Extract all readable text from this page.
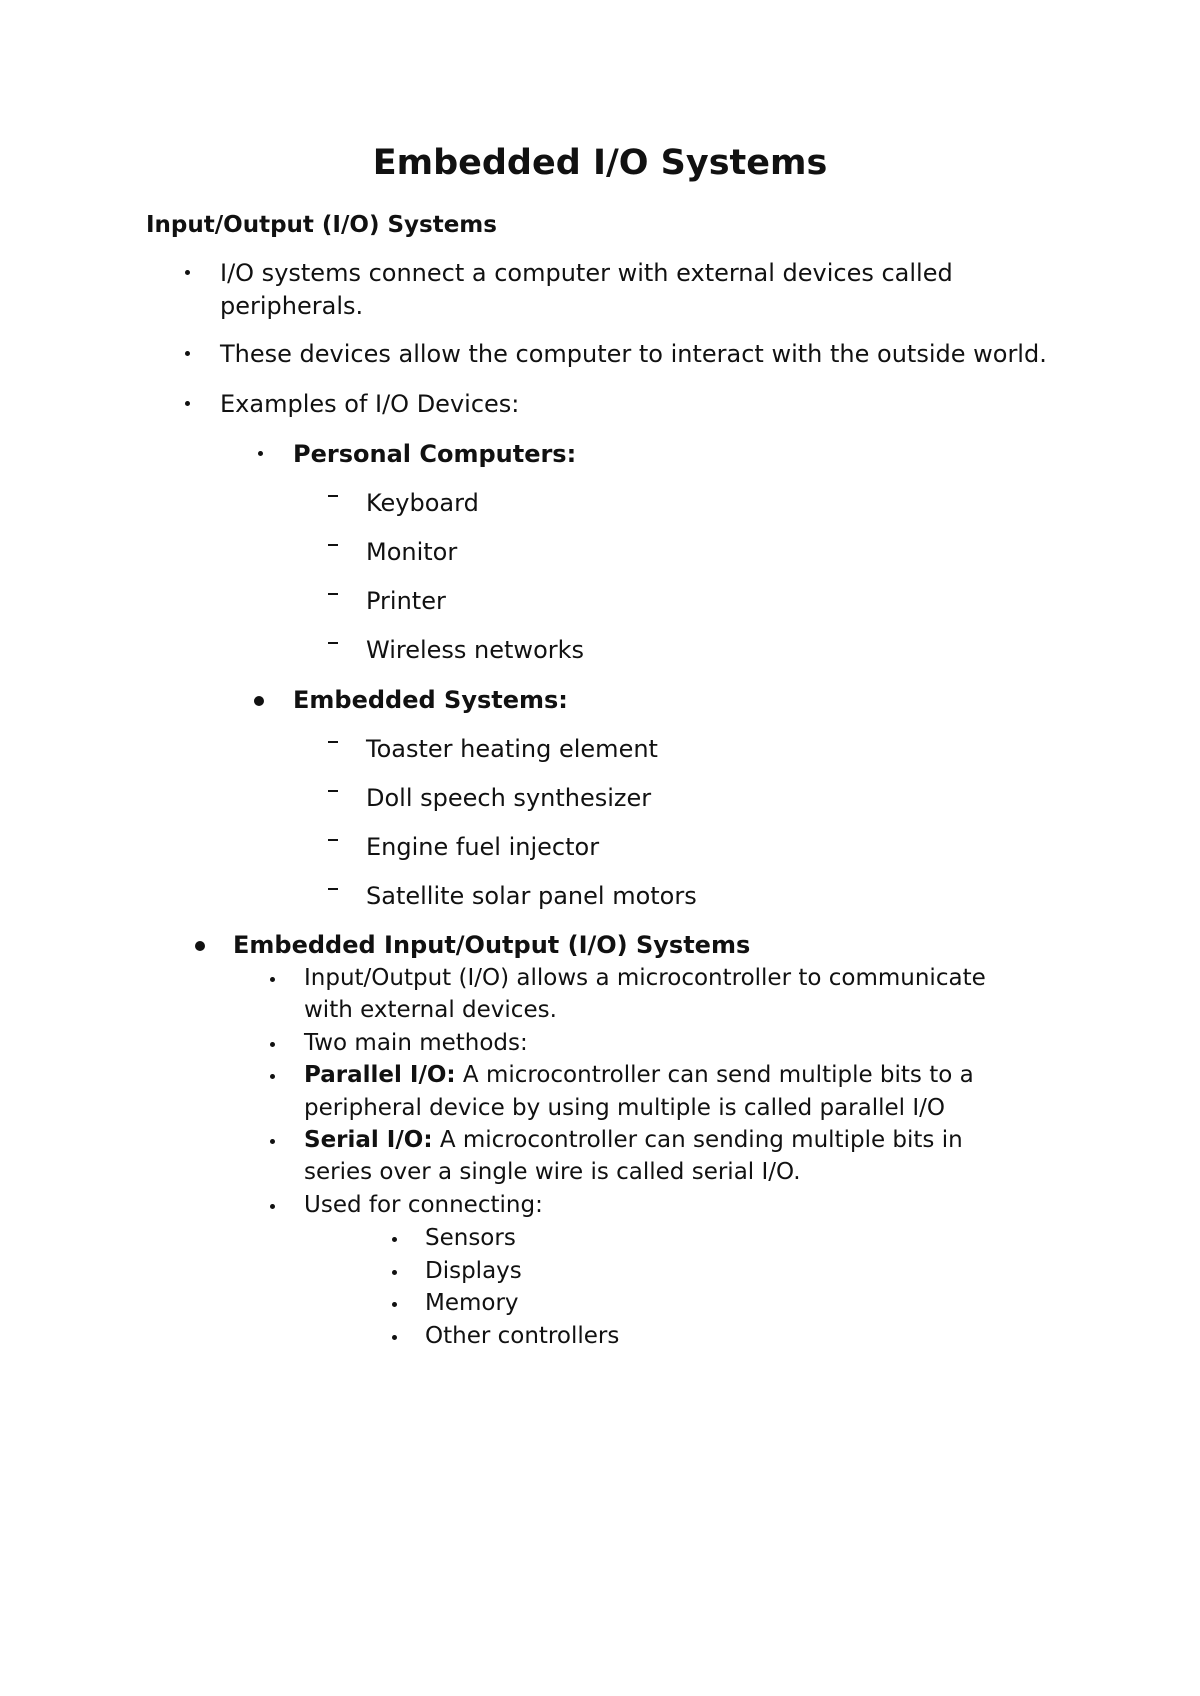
Embedded I/O Systems
Input/Output (I/O) Systems
I/O systems connect a computer with external devices called
peripherals.
These devices allow the computer to interact with the outside world.
Examples of I/O Devices:
Personal Computers:
Keyboard
Monitor
Printer
Wireless networks
Embedded Systems:
Toaster heating element
Doll speech synthesizer
Engine fuel injector
Satellite solar panel motors
Embedded Input/Output (I/O) Systems
Input/Output (I/O) allows a microcontroller to communicate
with external devices.
Two main methods:
Parallel I/O: A microcontroller can send multiple bits to a
peripheral device by using multiple is called parallel I/O
Serial I/O: A microcontroller can sending multiple bits in
series over a single wire is called serial I/O.
Used for connecting:
Sensors
Displays
Memory
Other controllers
